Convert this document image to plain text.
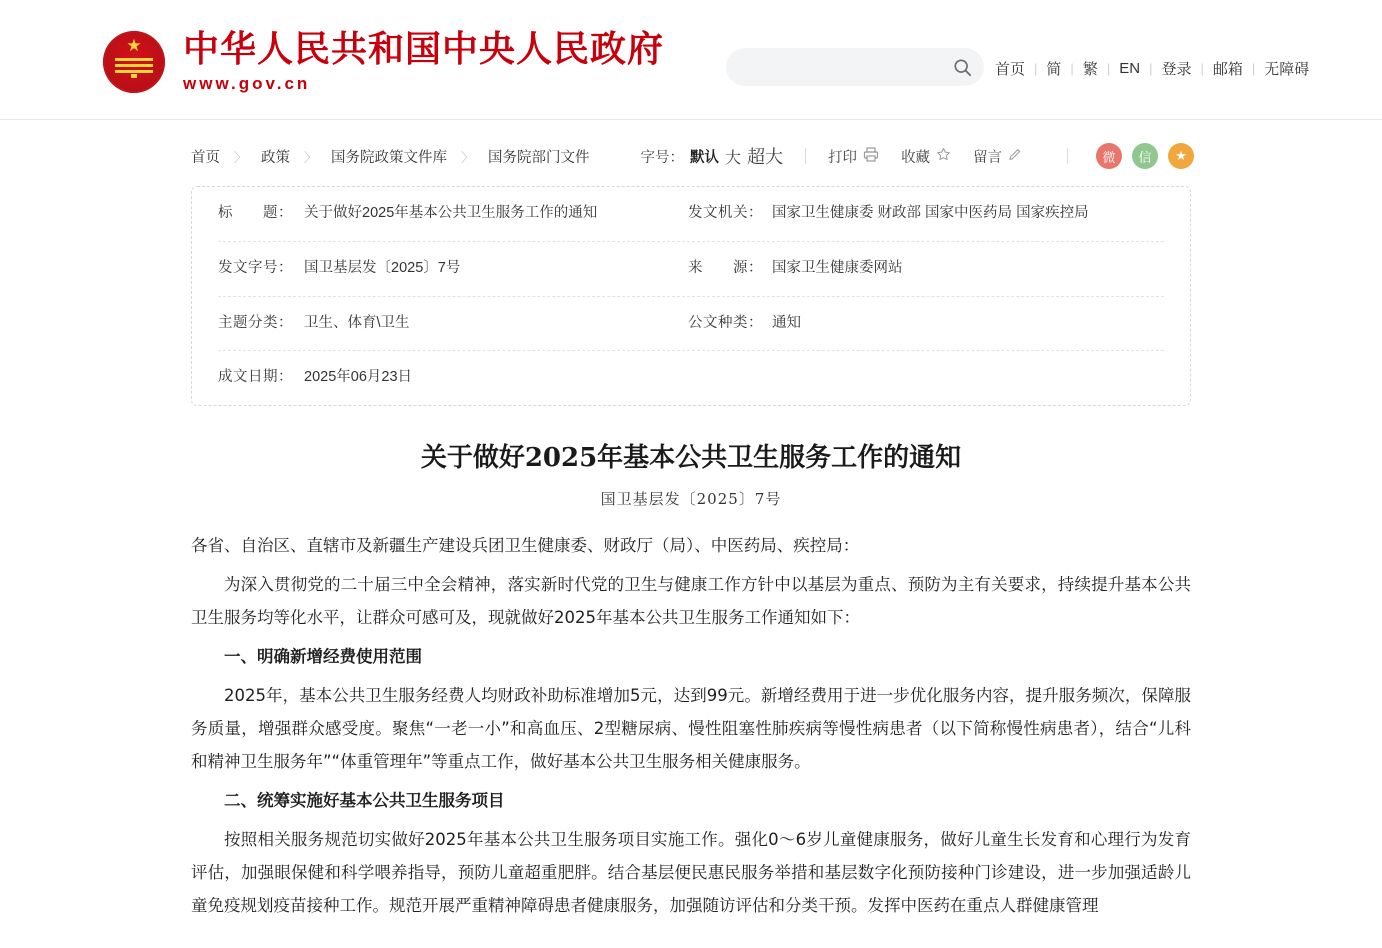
★
中华人民共和国中央人民政府
www.gov.cn
首页 | 简 | 繁 | EN | 登录 | 邮箱 | 无障碍
首页 〉 政策 〉 国务院政策文件库 〉 国务院部门文件	字号： 默认 大 超大	打印	收藏	留言	微	信	★
标　　题： 关于做好2025年基本公共卫生服务工作的通知	发文机关： 国家卫生健康委 财政部 国家中医药局 国家疾控局
发文字号： 国卫基层发〔2025〕7号	来　　源： 国家卫生健康委网站
主题分类： 卫生、体育\卫生	公文种类： 通知
成文日期： 2025年06月23日
关于做好2025年基本公共卫生服务工作的通知
国卫基层发〔2025〕7号

各省、自治区、直辖市及新疆生产建设兵团卫生健康委、财政厅（局）、中医药局、疾控局：

为深入贯彻党的二十届三中全会精神，落实新时代党的卫生与健康工作方针中以基层为重点、预防为主有关要求，持续提升基本公共卫生服务均等化水平，让群众可感可及，现就做好2025年基本公共卫生服务工作通知如下：

一、明确新增经费使用范围

2025年，基本公共卫生服务经费人均财政补助标准增加5元，达到99元。新增经费用于进一步优化服务内容，提升服务频次，保障服务质量，增强群众感受度。聚焦“一老一小”和高血压、2型糖尿病、慢性阻塞性肺疾病等慢性病患者（以下简称慢性病患者），结合“儿科和精神卫生服务年”“体重管理年”等重点工作，做好基本公共卫生服务相关健康服务。

二、统筹实施好基本公共卫生服务项目

按照相关服务规范切实做好2025年基本公共卫生服务项目实施工作。强化0～6岁儿童健康服务，做好儿童生长发育和心理行为发育评估，加强眼保健和科学喂养指导，预防儿童超重肥胖。结合基层便民惠民服务举措和基层数字化预防接种门诊建设，进一步加强适龄儿童免疫规划疫苗接种工作。规范开展严重精神障碍患者健康服务，加强随访评估和分类干预。发挥中医药在重点人群健康管理
